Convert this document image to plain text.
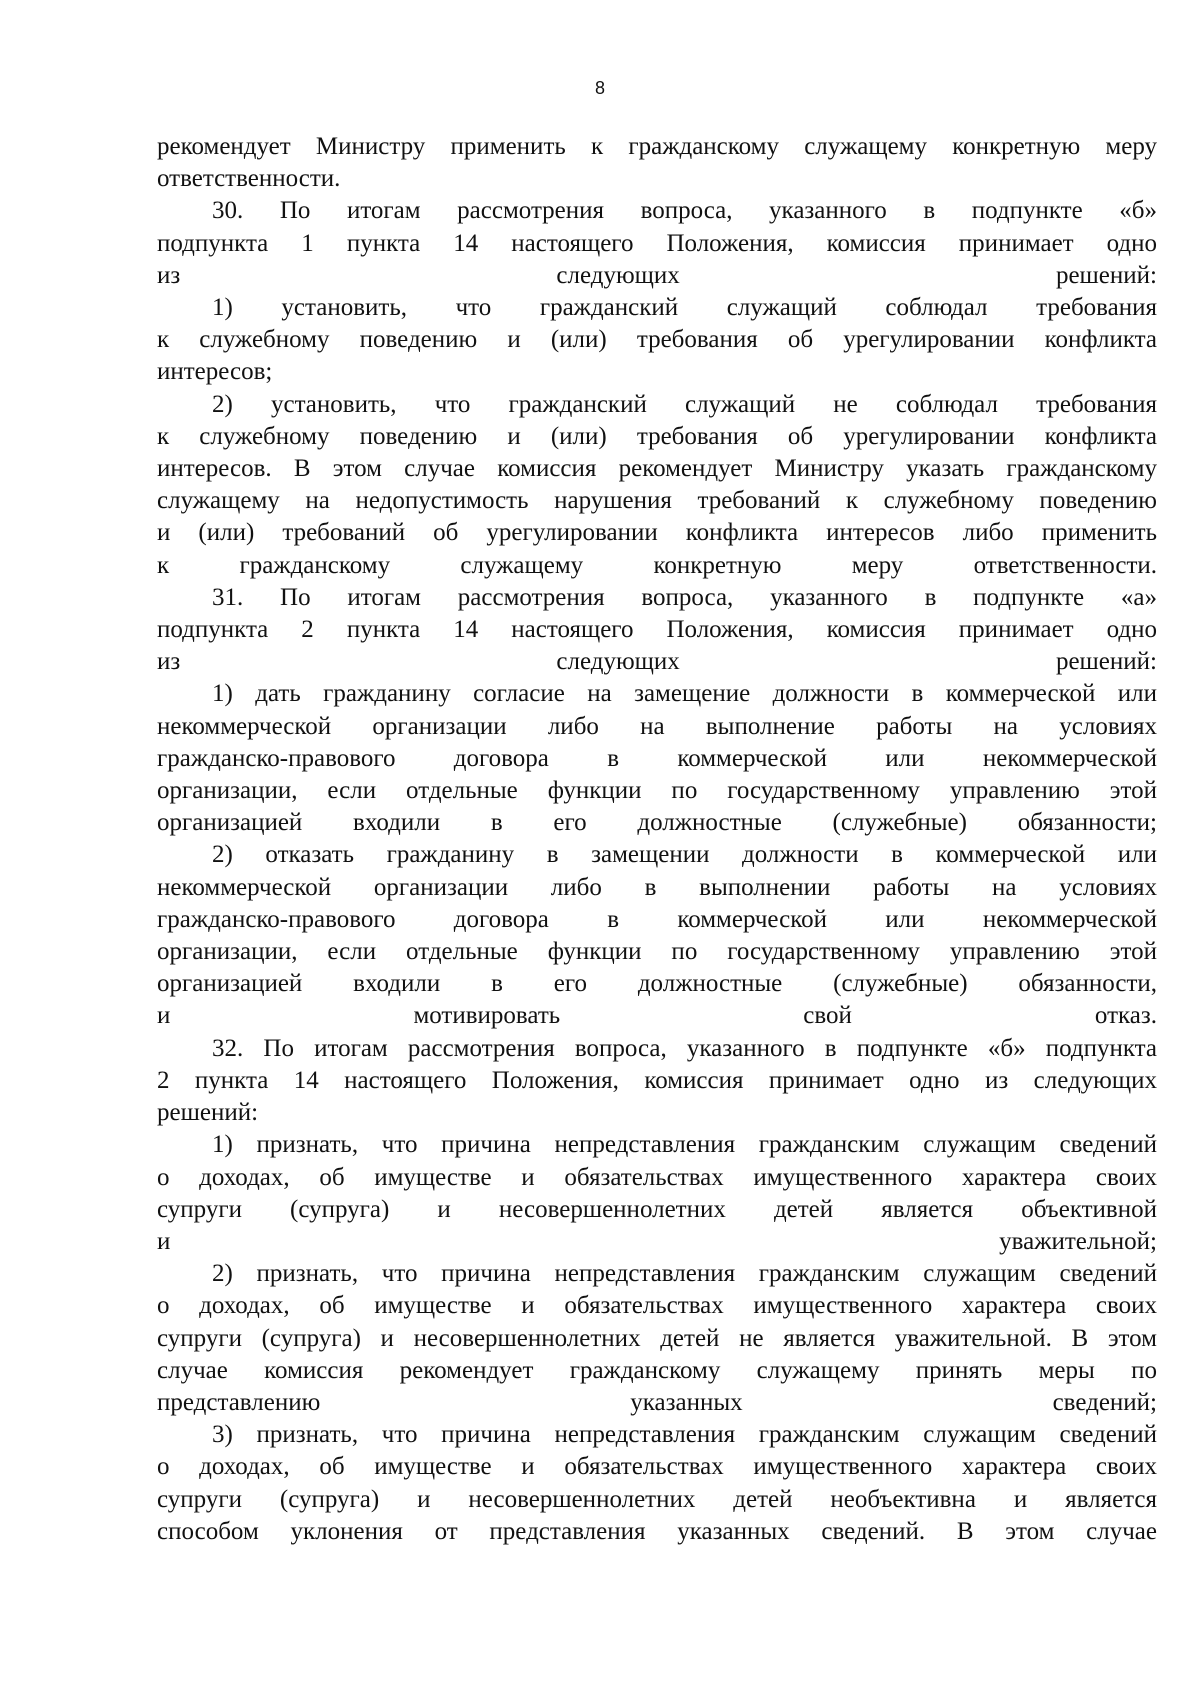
8

рекомендует Министру применить к гражданскому служащему конкретную меру
ответственности.

30. По итогам рассмотрения вопроса, указанного в подпункте «б»
подпункта 1 пункта 14 настоящего Положения, комиссия принимает одно
из следующих решений:

1) установить, что гражданский служащий соблюдал требования
к служебному поведению и (или) требования об урегулировании конфликта
интересов;

2) установить, что гражданский служащий не соблюдал требования
к служебному поведению и (или) требования об урегулировании конфликта
интересов. В этом случае комиссия рекомендует Министру указать гражданскому
служащему на недопустимость нарушения требований к служебному поведению
и (или) требований об урегулировании конфликта интересов либо применить
к гражданскому служащему конкретную меру ответственности.

31. По итогам рассмотрения вопроса, указанного в подпункте «а»
подпункта 2 пункта 14 настоящего Положения, комиссия принимает одно
из следующих решений:

1) дать гражданину согласие на замещение должности в коммерческой или
некоммерческой организации либо на выполнение работы на условиях
гражданско-правового договора в коммерческой или некоммерческой
организации, если отдельные функции по государственному управлению этой
организацией входили в его должностные (служебные) обязанности;

2) отказать гражданину в замещении должности в коммерческой или
некоммерческой организации либо в выполнении работы на условиях
гражданско-правового договора в коммерческой или некоммерческой
организации, если отдельные функции по государственному управлению этой
организацией входили в его должностные (служебные) обязанности,
и мотивировать свой отказ.

32. По итогам рассмотрения вопроса, указанного в подпункте «б» подпункта
2 пункта 14 настоящего Положения, комиссия принимает одно из следующих
решений:

1) признать, что причина непредставления гражданским служащим сведений
о доходах, об имуществе и обязательствах имущественного характера своих
супруги (супруга) и несовершеннолетних детей является объективной
и уважительной;

2) признать, что причина непредставления гражданским служащим сведений
о доходах, об имуществе и обязательствах имущественного характера своих
супруги (супруга) и несовершеннолетних детей не является уважительной. В этом
случае комиссия рекомендует гражданскому служащему принять меры по
представлению указанных сведений;

3) признать, что причина непредставления гражданским служащим сведений
о доходах, об имуществе и обязательствах имущественного характера своих
супруги (супруга) и несовершеннолетних детей необъективна и является
способом уклонения от представления указанных сведений. В этом случае
